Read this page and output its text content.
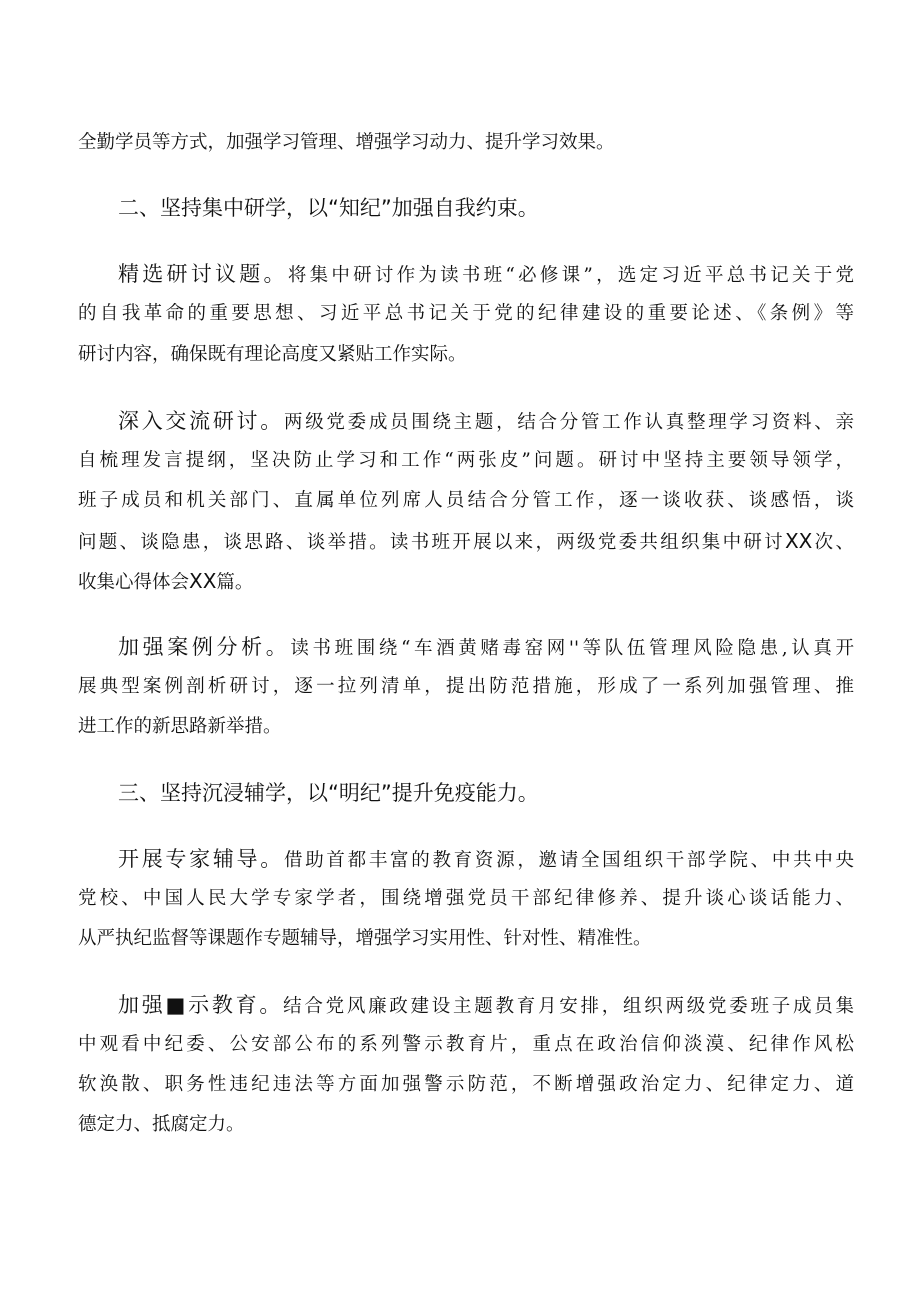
全勤学员等方式，加强学习管理、增强学习动力、提升学习效果。
二、坚持集中研学，以“知纪”加强自我约束。
精选研讨议题。将集中研讨作为读书班“必修课”，选定习近平总书记关于党
的自我革命的重要思想、习近平总书记关于党的纪律建设的重要论述、《条例》等
研讨内容，确保既有理论高度又紧贴工作实际。
深入交流研讨。两级党委成员围绕主题，结合分管工作认真整理学习资料、亲
自梳理发言提纲，坚决防止学习和工作“两张皮”问题。研讨中坚持主要领导领学，
班子成员和机关部门、直属单位列席人员结合分管工作，逐一谈收获、谈感悟，谈
问题、谈隐患，谈思路、谈举措。读书班开展以来，两级党委共组织集中研讨XX次、
收集心得体会XX篇。
加强案例分析。读书班围绕“车酒黄赌毒窑网''等队伍管理风险隐患,认真开
展典型案例剖析研讨，逐一拉列清单，提出防范措施，形成了一系列加强管理、推
进工作的新思路新举措。
三、坚持沉浸辅学，以“明纪”提升免疫能力。
开展专家辅导。借助首都丰富的教育资源，邀请全国组织干部学院、中共中央
党校、中国人民大学专家学者，围绕增强党员干部纪律修养、提升谈心谈话能力、
从严执纪监督等课题作专题辅导，增强学习实用性、针对性、精准性。
加强■示教育。结合党风廉政建设主题教育月安排，组织两级党委班子成员集
中观看中纪委、公安部公布的系列警示教育片，重点在政治信仰淡漠、纪律作风松
软涣散、职务性违纪违法等方面加强警示防范，不断增强政治定力、纪律定力、道
德定力、抵腐定力。
